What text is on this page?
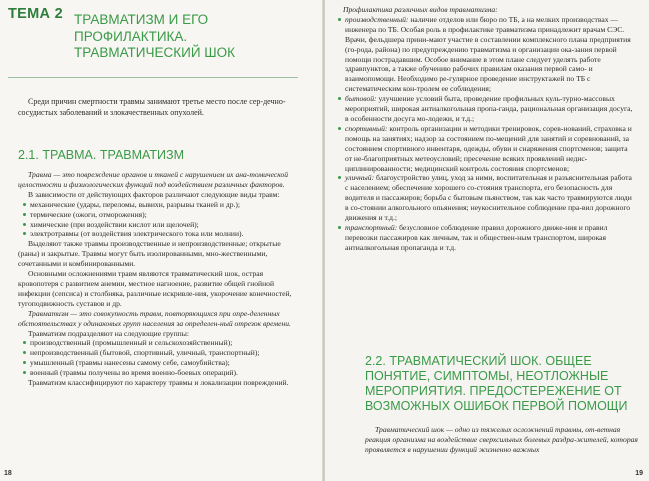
ТЕМА 2 ТРАВМАТИЗМ И ЕГО ПРОФИЛАКТИКА. ТРАВМАТИЧЕСКИЙ ШОК

Среди причин смертности травмы занимают третье место после сер-дечно-сосудистых заболеваний и злокачественных опухолей.

2.1. ТРАВМА. ТРАВМАТИЗМ

Травма — это повреждение органов и тканей с нарушением их ана-томической целостности и физиологических функций под воздействием различных факторов.

В зависимости от действующих факторов различают следующие виды травм:

механические (удары, переломы, вывихи, разрывы тканей и др.);
термические (ожоги, отморожения);
химические (при воздействии кислот или щелочей);
электротравмы (от воздействия электрического тока или молнии).

Выделяют также травмы производственные и непроизводственные; открытые (раны) и закрытые. Травмы могут быть изолированными, мно-жественными, сочетанными и комбинированными.

Основными осложнениями травм являются травматический шок, острая кровопотеря с развитием анемии, местное нагноение, развитие общей гнойной инфекции (сепсиса) и столбняка, различные искривле-ния, укорочение конечностей, тугоподвижность суставов и др.

Травматизм — это совокупность травм, повторяющихся при опре-деленных обстоятельствах у одинаковых групп населения за определен-ный отрезок времени.

Травматизм подразделяют на следующие группы:

производственный (промышленный и сельскохозяйственный);
непроизводственный (бытовой, спортивный, уличный, транспортный);
умышленный (травмы нанесены самому себе, самоубийства);
военный (травмы получены во время военно-боевых операций).

Травматизм классифицируют по характеру травмы и локализации повреждений.

18

Профилактика различных видов травматизма:

производственный: наличие отделов или бюро по ТБ, а на мелких производствах — инженера по ТБ. Особая роль в профилактике травматизма принадлежит врачам СЭС. Врачи, фельдшера прини-мают участие в составлении комплексного плана предприятия (го-рода, района) по предупреждению травматизма и организации ока-зания первой помощи пострадавшим. Особое внимание в этом плане следует уделять работе здравпунктов, а также обучению рабочих правилам оказания первой само- и взаимопомощи. Необходимо ре-гулярное проведение инструктажей по ТБ с систематическим кон-тролем ее соблюдения;
бытовой: улучшение условий быта, проведение профильных куль-турно-массовых мероприятий, широкая антиалкогольная пропа-ганда, рациональная организация досуга, в особенности досуга мо-лодежи, и т.д.;
спортивный: контроль организации и методики тренировок, сорев-нований, страховка и помощь на занятиях; надзор за состоянием по-мещений для занятий и соревнований, за состоянием спортивного инвентаря, одежды, обуви и снаряжения спортсменов; защита от не-благоприятных метеоусловий; пресечение всяких проявлений недис-циплинированности; медицинский контроль состояния спортсменов;
уличный: благоустройство улиц, уход за ними, воспитательная и разъяснительная работа с населением; обеспечение хорошего со-стояния транспорта, его безопасность для водителя и пассажиров; борьба с бытовым пьянством, так как часто травмируются люди в со-стоянии алкогольного опьянения; неукоснительное соблюдение пра-вил дорожного движения и т.д.;
транспортный: безусловное соблюдение правил дорожного движе-ния и правил перевозки пассажиров как личным, так и обществен-ным транспортом, широкая антиалкогольная пропаганда и т.д.
2.2. ТРАВМАТИЧЕСКИЙ ШОК. ОБЩЕЕ ПОНЯТИЕ, СИМПТОМЫ, НЕОТЛОЖНЫЕ МЕРОПРИЯТИЯ. ПРЕДОСТЕРЕЖЕНИЕ ОТ ВОЗМОЖНЫХ ОШИБОК ПЕРВОЙ ПОМОЩИ

Травматический шок — одно из тяжелых осложнений травмы, от-ветная реакция организма на воздействие сверхсильных болевых раздра-жителей, которая проявляется в нарушении функций жизненно важных

19
